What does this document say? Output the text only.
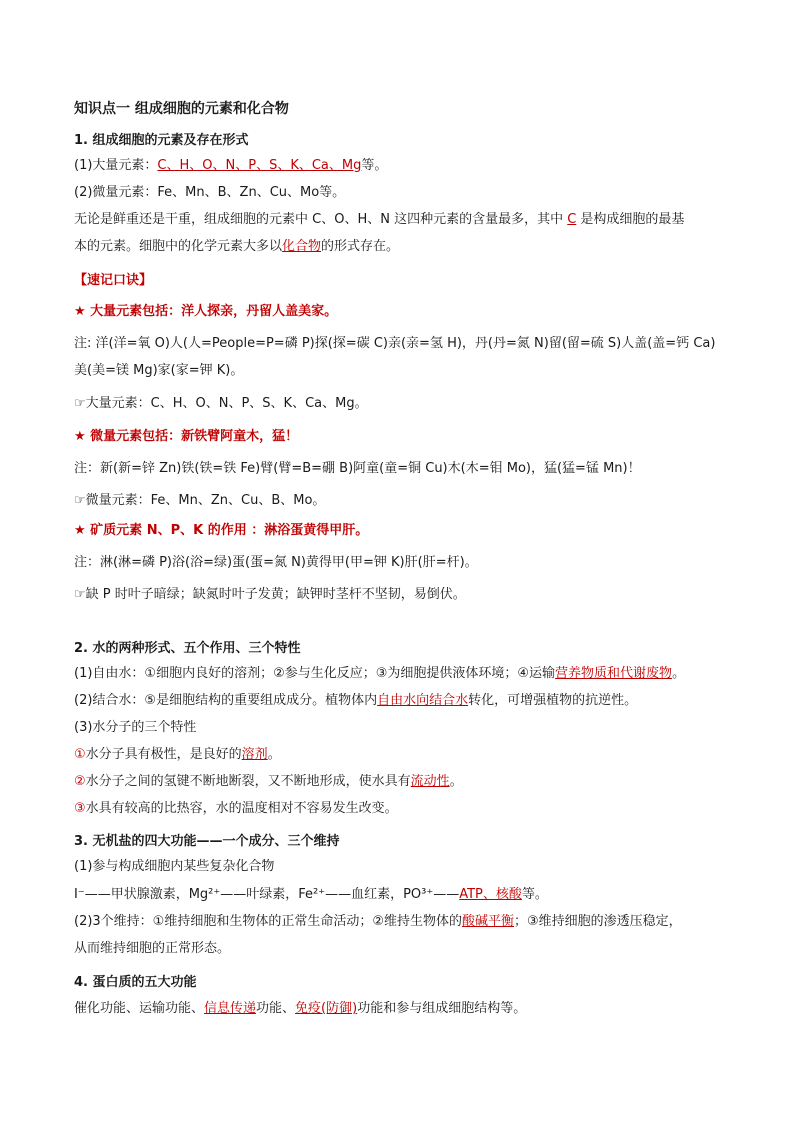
知识点一 组成细胞的元素和化合物
1. 组成细胞的元素及存在形式
(1)大量元素：C、H、O、N、P、S、K、Ca、Mg等。
(2)微量元素：Fe、Mn、B、Zn、Cu、Mo等。
无论是鲜重还是干重，组成细胞的元素中 C、O、H、N 这四种元素的含量最多，其中 C 是构成细胞的最基
本的元素。细胞中的化学元素大多以化合物的形式存在。
【速记口诀】
★ 大量元素包括：洋人探亲，丹留人盖美家。
注: 洋(洋=氧 O)人(人=People=P=磷 P)探(探=碳 C)亲(亲=氢 H)，丹(丹=氮 N)留(留=硫 S)人盖(盖=钙 Ca)
美(美=镁 Mg)家(家=钾 K)。
☞大量元素：C、H、O、N、P、S、K、Ca、Mg。
★ 微量元素包括：新铁臂阿童木，猛！
注：新(新=锌 Zn)铁(铁=铁 Fe)臂(臂=B=硼 B)阿童(童=铜 Cu)木(木=钼 Mo)，猛(猛=锰 Mn)！
☞微量元素：Fe、Mn、Zn、Cu、B、Mo。
★ 矿质元素 N、P、K 的作用 ：淋浴蛋黄得甲肝。
注：淋(淋=磷 P)浴(浴=绿)蛋(蛋=氮 N)黄得甲(甲=钾 K)肝(肝=杆)。
☞缺 P 时叶子暗绿；缺氮时叶子发黄；缺钾时茎杆不坚韧，易倒伏。
2. 水的两种形式、五个作用、三个特性
(1)自由水：①细胞内良好的溶剂；②参与生化反应；③为细胞提供液体环境；④运输营养物质和代谢废物。
(2)结合水：⑤是细胞结构的重要组成成分。植物体内自由水向结合水转化，可增强植物的抗逆性。
(3)水分子的三个特性
①水分子具有极性，是良好的溶剂。
②水分子之间的氢键不断地断裂，又不断地形成，使水具有流动性。
③水具有较高的比热容，水的温度相对不容易发生改变。
3. 无机盐的四大功能——一个成分、三个维持
(1)参与构成细胞内某些复杂化合物
I⁻——甲状腺激素，Mg²⁺——叶绿素，Fe²⁺——血红素，PO³⁺——ATP、核酸等。
(2)3个维持：①维持细胞和生物体的正常生命活动；②维持生物体的酸碱平衡；③维持细胞的渗透压稳定，
从而维持细胞的正常形态。
4. 蛋白质的五大功能
催化功能、运输功能、信息传递功能、免疫(防御)功能和参与组成细胞结构等。
